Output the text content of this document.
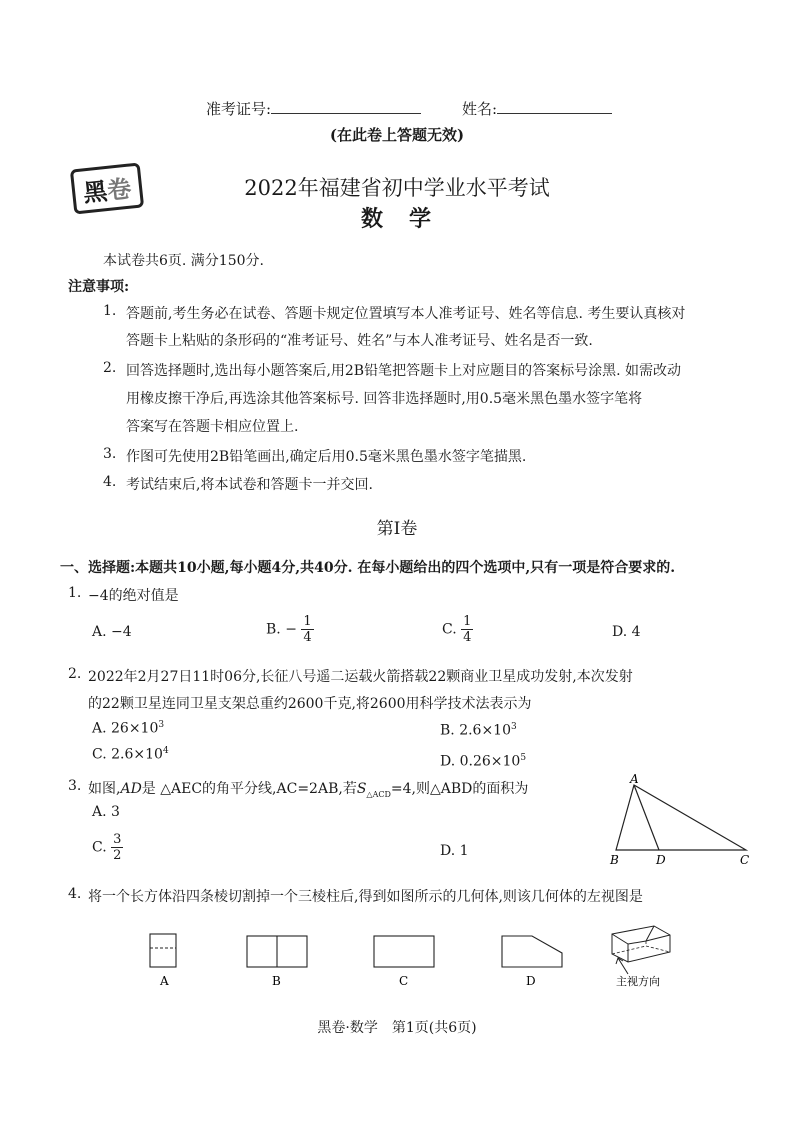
准考证号:	姓名:
(在此卷上答题无效)
黑卷	2022年福建省初中学业水平考试
数　学
本试卷共6页. 满分150分.
注意事项:
1. 答题前,考生务必在试卷、答题卡规定位置填写本人准考证号、姓名等信息. 考生要认真核对
答题卡上粘贴的条形码的“准考证号、姓名”与本人准考证号、姓名是否一致.
2. 回答选择题时,选出每小题答案后,用2B铅笔把答题卡上对应题目的答案标号涂黑. 如需改动
用橡皮擦干净后,再选涂其他答案标号. 回答非选择题时,用0.5毫米黑色墨水签字笔将
答案写在答题卡相应位置上.
3. 作图可先使用2B铅笔画出,确定后用0.5毫米黑色墨水签字笔描黑.
4. 考试结束后,将本试卷和答题卡一并交回.
第Ⅰ卷
一、选择题:本题共10小题,每小题4分,共40分. 在每小题给出的四个选项中,只有一项是符合要求的.
1. −4的绝对值是
A. −4	B. − $\frac{1}{4}$	C. $\frac{1}{4}$	D. 4
2. 2022年2月27日11时06分,长征八号遥二运载火箭搭载22颗商业卫星成功发射,本次发射
的22颗卫星连同卫星支架总重约2600千克,将2600用科学技术法表示为
A. $26\times 10^3$	B. $2.6\times 10^3$
C. $2.6\times 10^4$
D. $0.26\times 10^5$
3. 如图,AD是 △AEC的角平分线,AC=2AB,若$S_{\triangle ACD}=4$,则△ABD的面积为
A. 3
C. $\frac{3}{2}$	D. 1
A
B	D	C
4. 将一个长方体沿四条棱切割掉一个三棱柱后,得到如图所示的几何体,则该几何体的左视图是
A	B	C	D	主视方向
黑卷·数学　第1页(共6页)
